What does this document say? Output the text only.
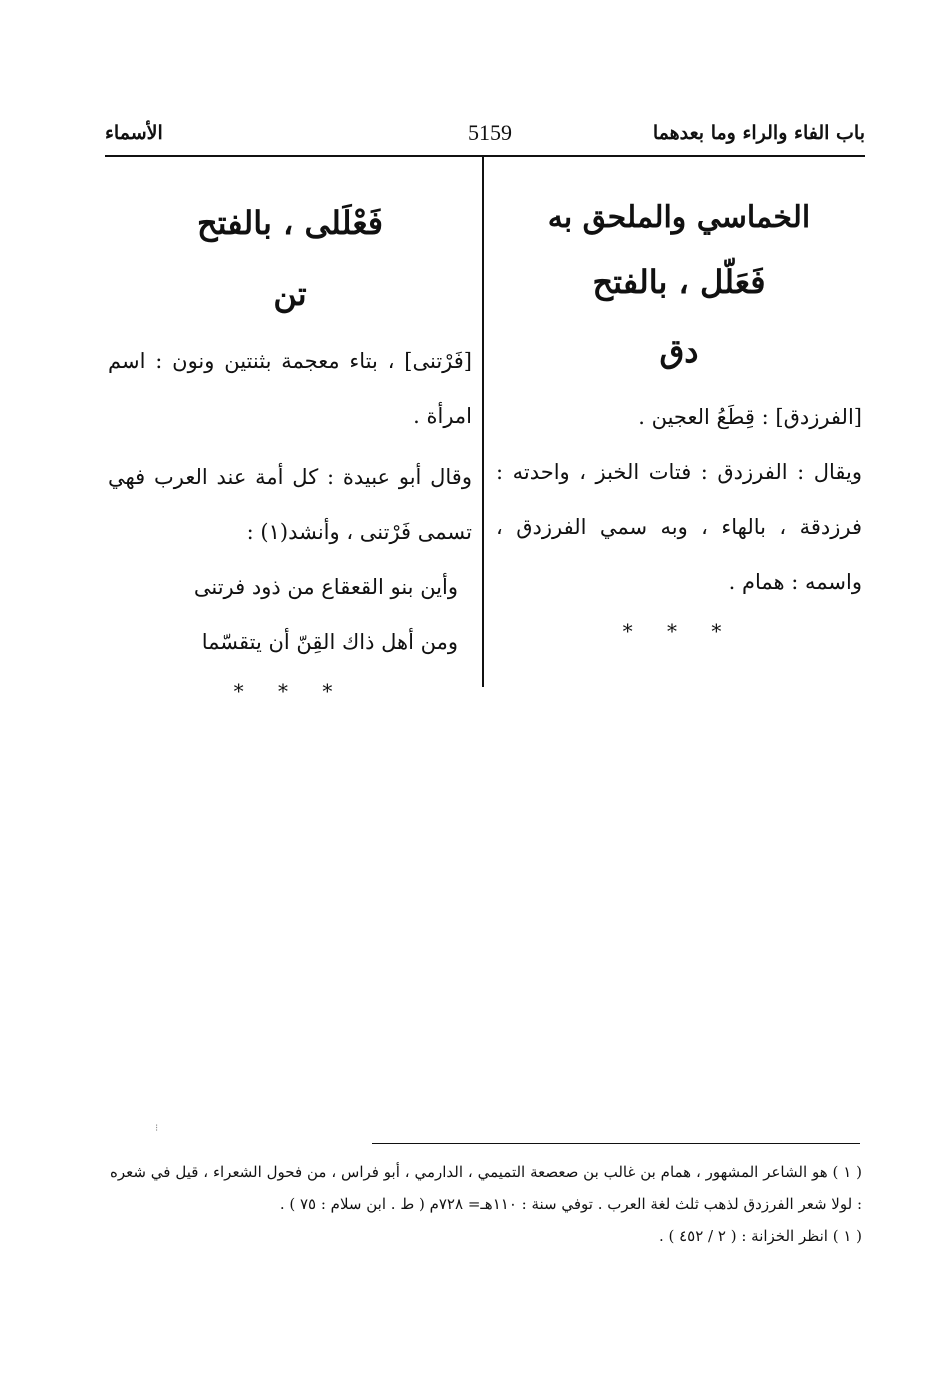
الأسماء	5159	باب الفاء والراء وما بعدهما
الخماسي والملحق به
فَعَلّل ، بالفتح
دق

[الفرزدق] : قِطَعُ العجين .

ويقال : الفرزدق : فتات الخبز ، واحدته : فرزدقة ، بالهاء ، وبه سمي الفرزدق ، واسمه : همام .

* * *
فَعْلَلى ، بالفتح
تن

[فَرْتنى] ، بتاء معجمة بثنتين ونون : اسم امرأة .

وقال أبو عبيدة : كل أمة عند العرب فهي تسمى فَرْتنى ، وأنشد(١) :

وأين بنو القعقاع من ذود فرتنى

ومن أهل ذاك القِنّ أن يتقسّما

* * *
⁝

( ١ ) هو الشاعر المشهور ، همام بن غالب بن صعصعة التميمي ، الدارمي ، أبو فراس ، من فحول الشعراء ، قيل في شعره : لولا شعر الفرزدق لذهب ثلث لغة العرب . توفي سنة : ١١٠هـ= ٧٢٨م ( ط . ابن سلام : ٧٥ ) .

( ١ ) انظر الخزانة : ( ٢ / ٤٥٢ ) .
